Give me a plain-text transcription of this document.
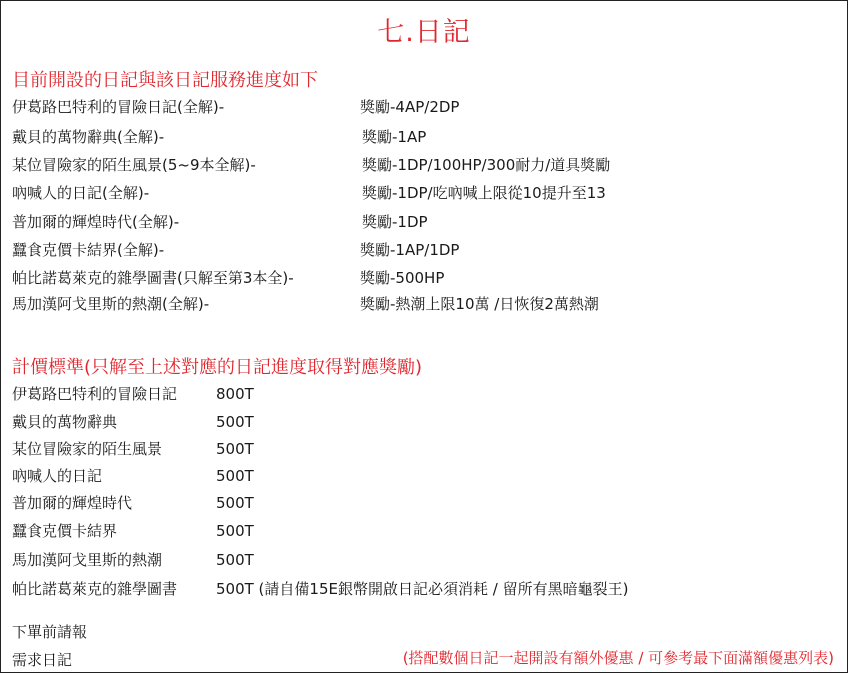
七.日記
目前開設的日記與該日記服務進度如下
伊葛路巴特利的冒險日記(全解)-	獎勵-4AP/2DP
戴貝的萬物辭典(全解)-	獎勵-1AP
某位冒險家的陌生風景(5~9本全解)-	獎勵-1DP/100HP/300耐力/道具獎勵
吶喊人的日記(全解)-	獎勵-1DP/吃吶喊上限從10提升至13
普加爾的輝煌時代(全解)-	獎勵-1DP
蠶食克價卡結界(全解)-	獎勵-1AP/1DP
帕比諾葛萊克的雜學圖書(只解至第3本全)-	獎勵-500HP
馬加漢阿戈里斯的熱潮(全解)-	獎勵-熱潮上限10萬 /日恢復2萬熱潮
計價標準(只解至上述對應的日記進度取得對應獎勵)
伊葛路巴特利的冒險日記	800T
戴貝的萬物辭典	500T
某位冒險家的陌生風景	500T
吶喊人的日記	500T
普加爾的輝煌時代	500T
蠶食克價卡結界	500T
馬加漢阿戈里斯的熱潮	500T
帕比諾葛萊克的雜學圖書	500T (請自備15E銀幣開啟日記必須消耗 / 留所有黑暗龜裂王)
下單前請報
需求日記	(搭配數個日記一起開設有額外優惠 / 可參考最下面滿額優惠列表)
